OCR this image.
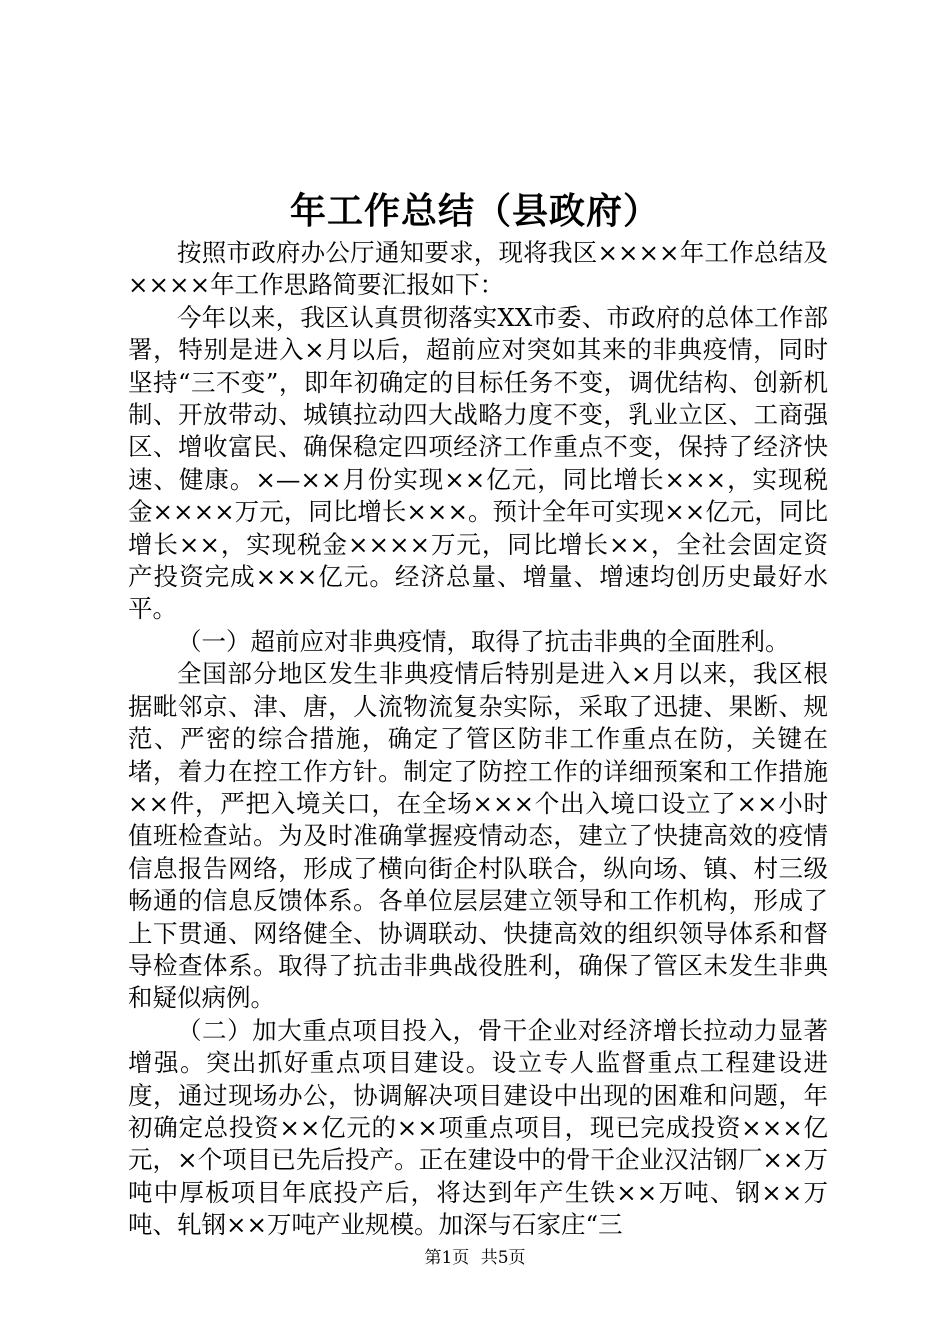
年工作总结（县政府）

按照市政府办公厅通知要求，现将我区××××年工作总结及××××年工作思路简要汇报如下：

今年以来，我区认真贯彻落实XX市委、市政府的总体工作部署，特别是进入×月以后，超前应对突如其来的非典疫情，同时坚持“三不变”，即年初确定的目标任务不变，调优结构、创新机制、开放带动、城镇拉动四大战略力度不变，乳业立区、工商强区、增收富民、确保稳定四项经济工作重点不变，保持了经济快速、健康。×—××月份实现××亿元，同比增长×××，实现税金××××万元，同比增长×××。预计全年可实现××亿元，同比增长××，实现税金××××万元，同比增长××，全社会固定资产投资完成×××亿元。经济总量、增量、增速均创历史最好水平。

（一）超前应对非典疫情，取得了抗击非典的全面胜利。

全国部分地区发生非典疫情后特别是进入×月以来，我区根据毗邻京、津、唐，人流物流复杂实际，采取了迅捷、果断、规范、严密的综合措施，确定了管区防非工作重点在防，关键在堵，着力在控工作方针。制定了防控工作的详细预案和工作措施××件，严把入境关口，在全场×××个出入境口设立了××小时值班检查站。为及时准确掌握疫情动态，建立了快捷高效的疫情信息报告网络，形成了横向街企村队联合，纵向场、镇、村三级畅通的信息反馈体系。各单位层层建立领导和工作机构，形成了上下贯通、网络健全、协调联动、快捷高效的组织领导体系和督导检查体系。取得了抗击非典战役胜利，确保了管区未发生非典和疑似病例。

（二）加大重点项目投入，骨干企业对经济增长拉动力显著增强。突出抓好重点项目建设。设立专人监督重点工程建设进度，通过现场办公，协调解决项目建设中出现的困难和问题，年初确定总投资××亿元的××项重点项目，现已完成投资×××亿元，×个项目已先后投产。正在建设中的骨干企业汉沽钢厂××万吨中厚板项目年底投产后，将达到年产生铁××万吨、钢××万吨、轧钢××万吨产业规模。加深与石家庄“三

第1页 共5页
